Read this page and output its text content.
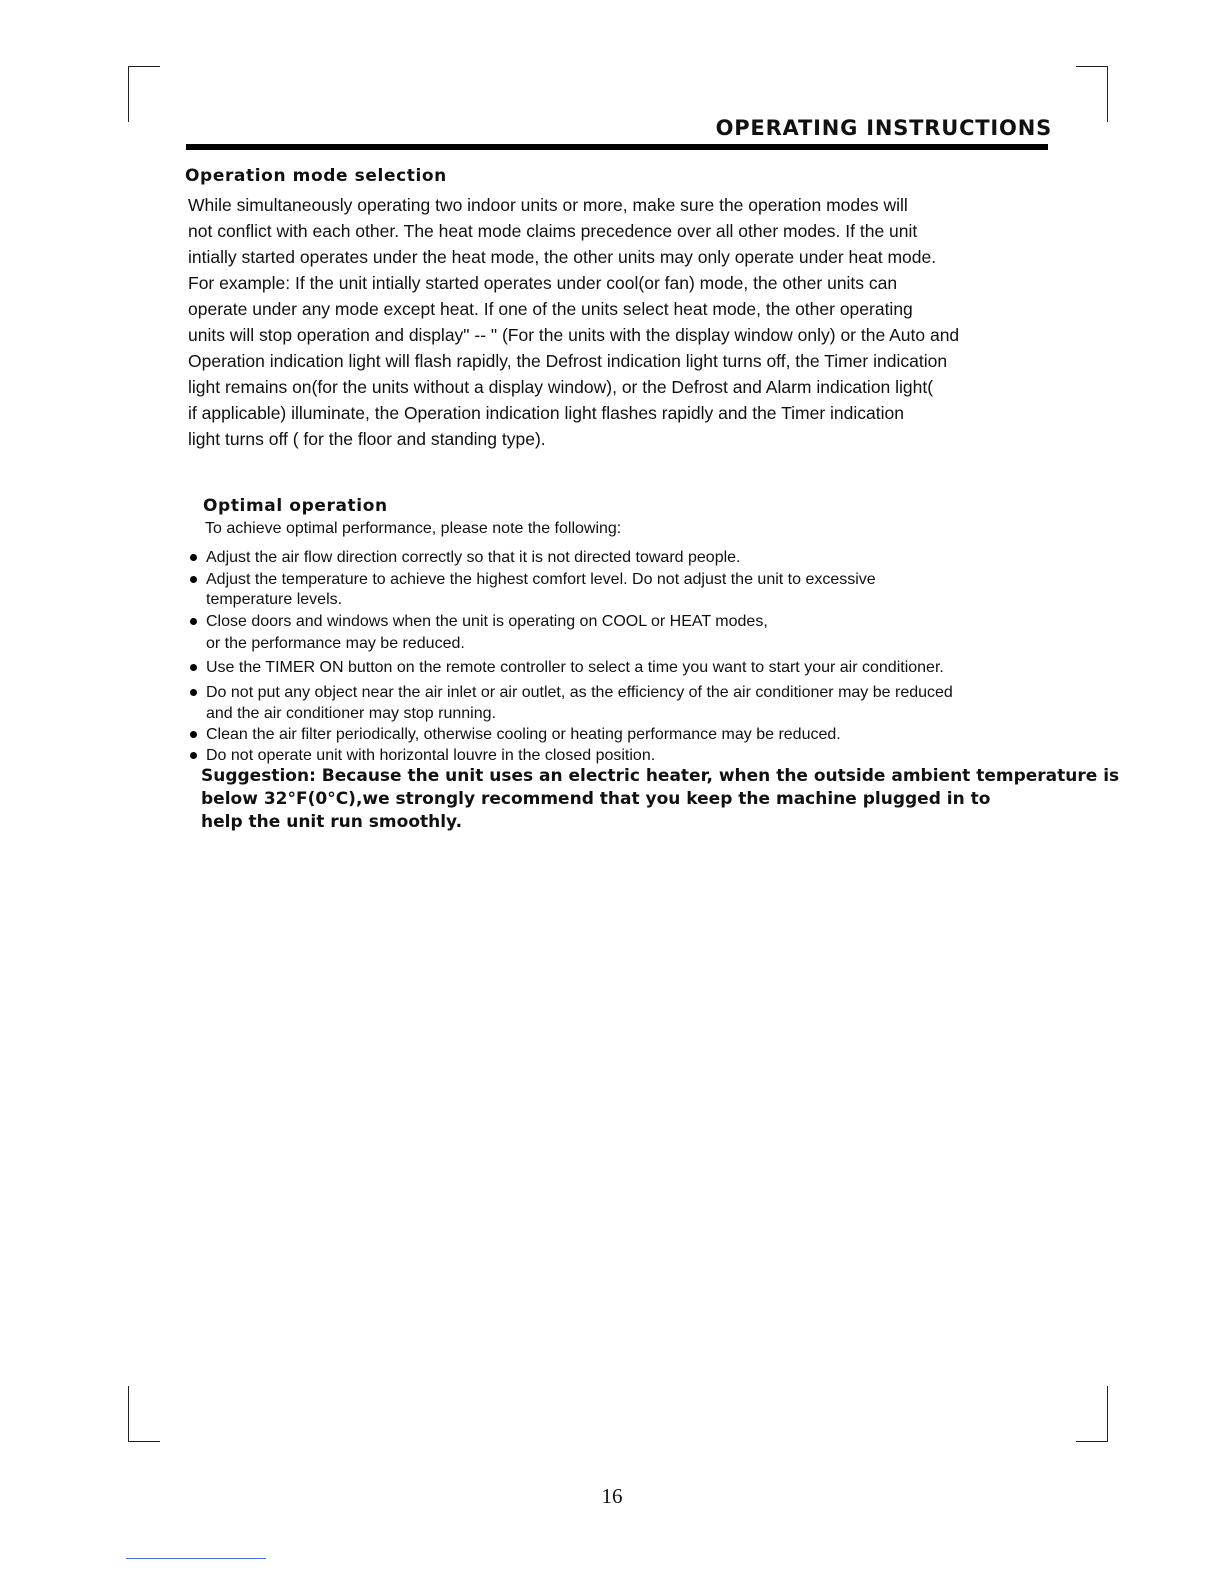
OPERATING INSTRUCTIONS
Operation mode selection
While simultaneously operating two indoor units or more, make sure the operation modes will
not conflict with each other. The heat mode claims precedence over all other modes. If the unit
intially started operates under the heat mode, the other units may only operate under heat mode.
For example: If the unit intially started operates under cool(or fan) mode, the other units can
operate under any mode except heat. If one of the units select heat mode, the other operating
units will stop operation and display" -- " (For the units with the display window only) or the Auto and
Operation indication light will flash rapidly, the Defrost indication light turns off, the Timer indication
light remains on(for the units without a display window), or the Defrost and Alarm indication light(
if applicable) illuminate, the Operation indication light flashes rapidly and the Timer indication
light turns off ( for the floor and standing type).
Optimal operation
To achieve optimal performance, please note the following:
Adjust the air flow direction correctly so that it is not directed toward people.
Adjust the temperature to achieve the highest comfort level. Do not adjust the unit to excessive
temperature levels.
Close doors and windows when the unit is operating on COOL or HEAT modes,
or the performance may be reduced.
Use the TIMER ON button on the remote controller to select a time you want to start your air conditioner.
Do not put any object near the air inlet or air outlet, as the efficiency of the air conditioner may be reduced
and the air conditioner may stop running.
Clean the air filter periodically, otherwise cooling or heating performance may be reduced.
Do not operate unit with horizontal louvre in the closed position.
Suggestion: Because the unit uses an electric heater, when the outside ambient temperature is
below 32°F(0°C),we strongly recommend that you keep the machine plugged in to
help the unit run smoothly.
16
